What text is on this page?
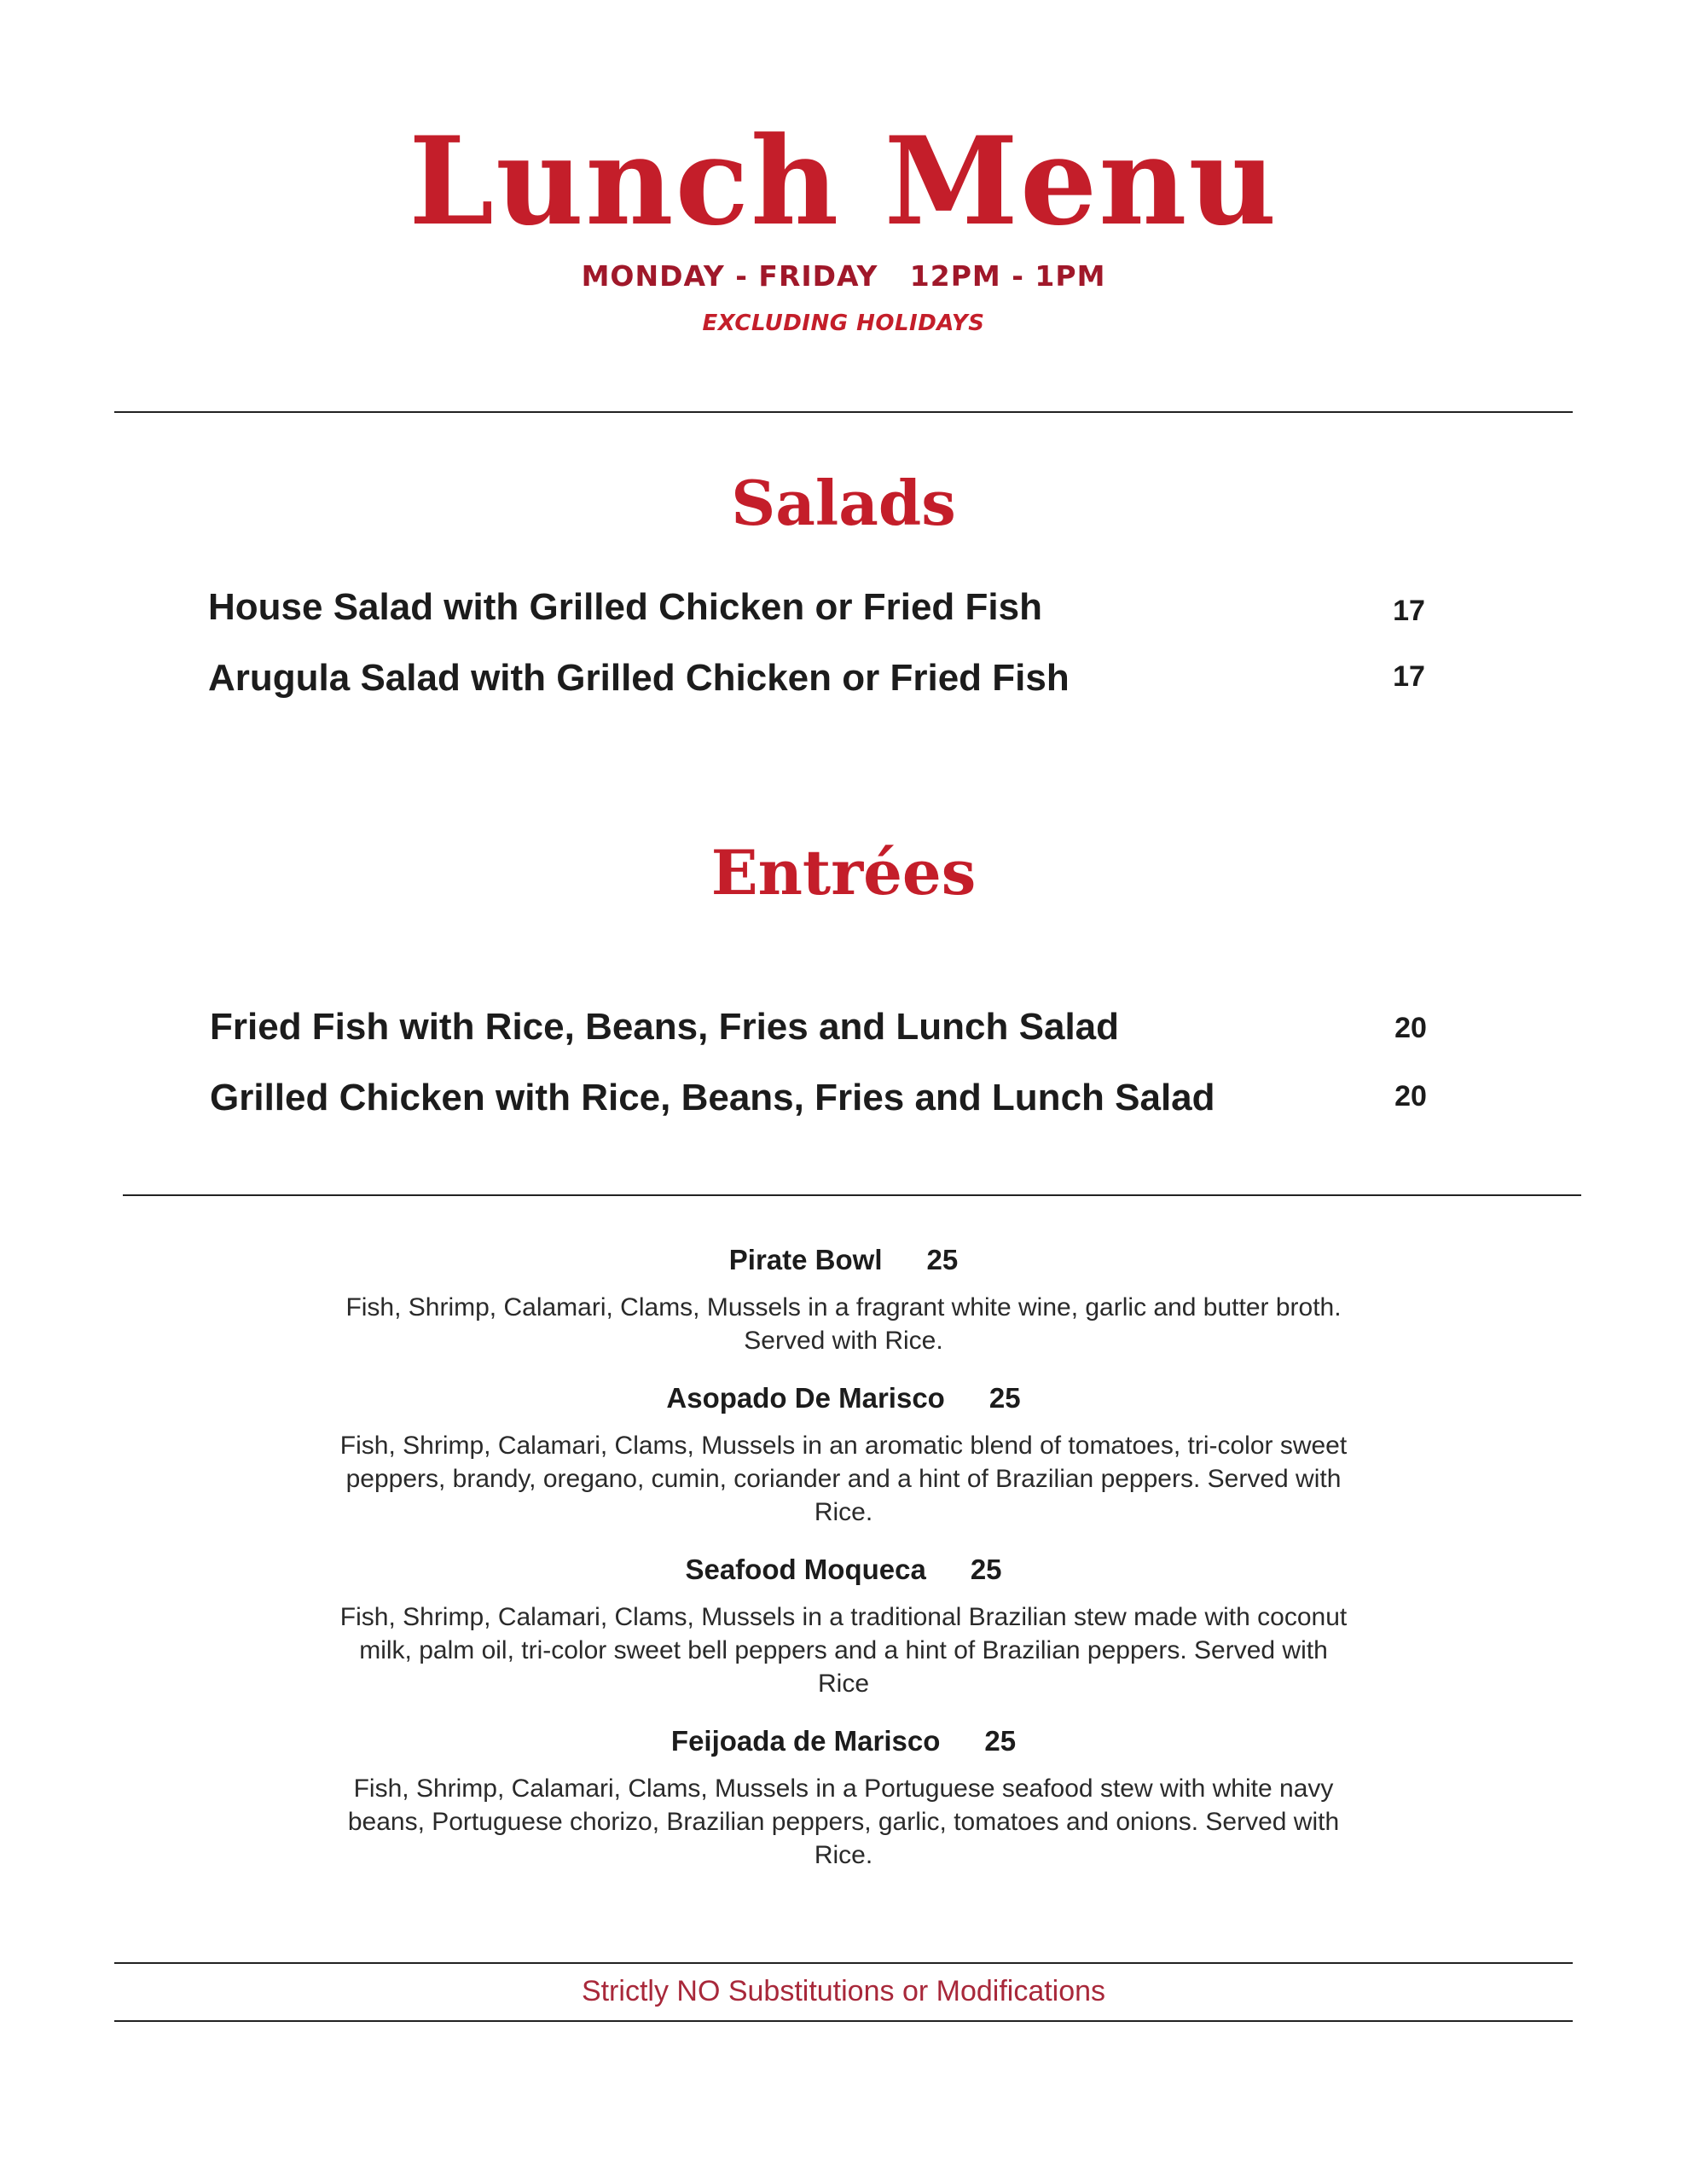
Lunch Menu
MONDAY - FRIDAY   12PM - 1PM
EXCLUDING HOLIDAYS
Salads
House Salad with Grilled Chicken or Fried Fish	17
Arugula Salad with Grilled Chicken or Fried Fish	17
Entrées
Fried Fish with Rice, Beans, Fries and Lunch Salad	20
Grilled Chicken with Rice, Beans, Fries and Lunch Salad	20
Pirate Bowl 25
Fish, Shrimp, Calamari, Clams, Mussels in a fragrant white wine, garlic and butter broth. Served with Rice.
Asopado De Marisco 25
Fish, Shrimp, Calamari, Clams, Mussels in an aromatic blend of tomatoes, tri-color sweet peppers, brandy, oregano, cumin, coriander and a hint of Brazilian peppers. Served with Rice.
Seafood Moqueca 25
Fish, Shrimp, Calamari, Clams, Mussels in a traditional Brazilian stew made with coconut milk, palm oil, tri-color sweet bell peppers and a hint of Brazilian peppers. Served with Rice
Feijoada de Marisco 25
Fish, Shrimp, Calamari, Clams, Mussels in a Portuguese seafood stew with white navy beans, Portuguese chorizo, Brazilian peppers, garlic, tomatoes and onions. Served with Rice.
Strictly NO Substitutions or Modifications
